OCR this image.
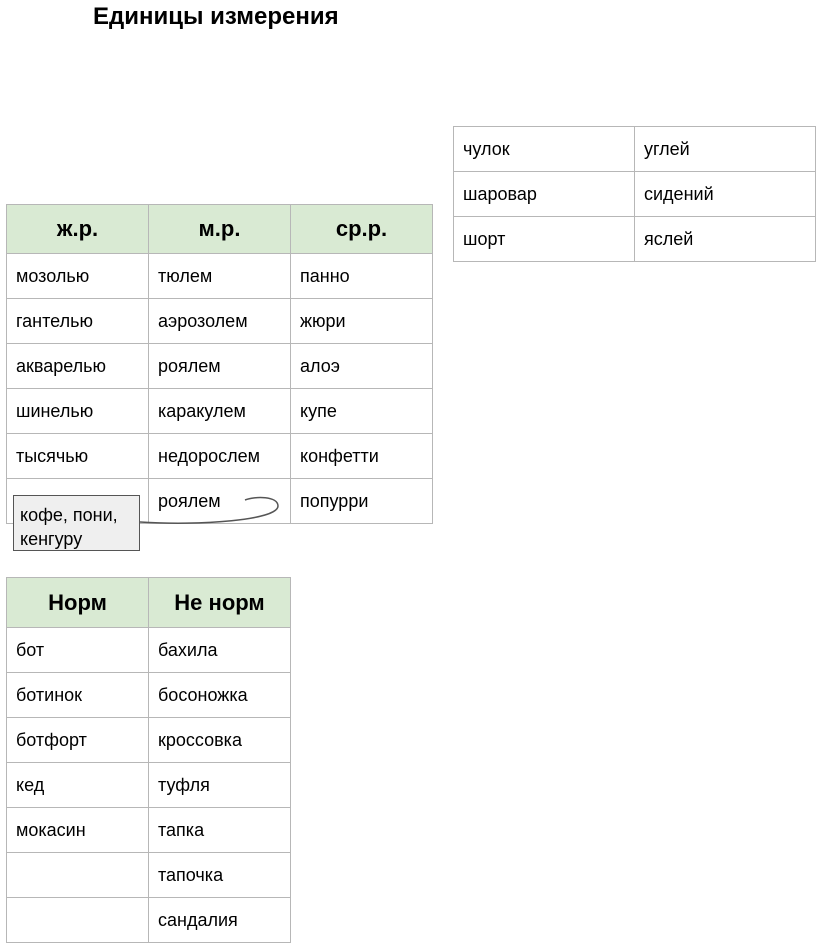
Единицы измерения
ж.р.	м.р.	ср.р.
мозолью	тюлем	панно
гантелью	аэрозолем	жюри
акварелью	роялем	алоэ
шинелью	каракулем	купе
тысячью	недорослем	конфетти
	роялем	попурри
кофе, пони, кенгуру
чулок	углей
шаровар	сидений
шорт	яслей
Норм	Не норм
бот	бахила
ботинок	босоножка
ботфорт	кроссовка
кед	туфля
мокасин	тапка
	тапочка
	сандалия
